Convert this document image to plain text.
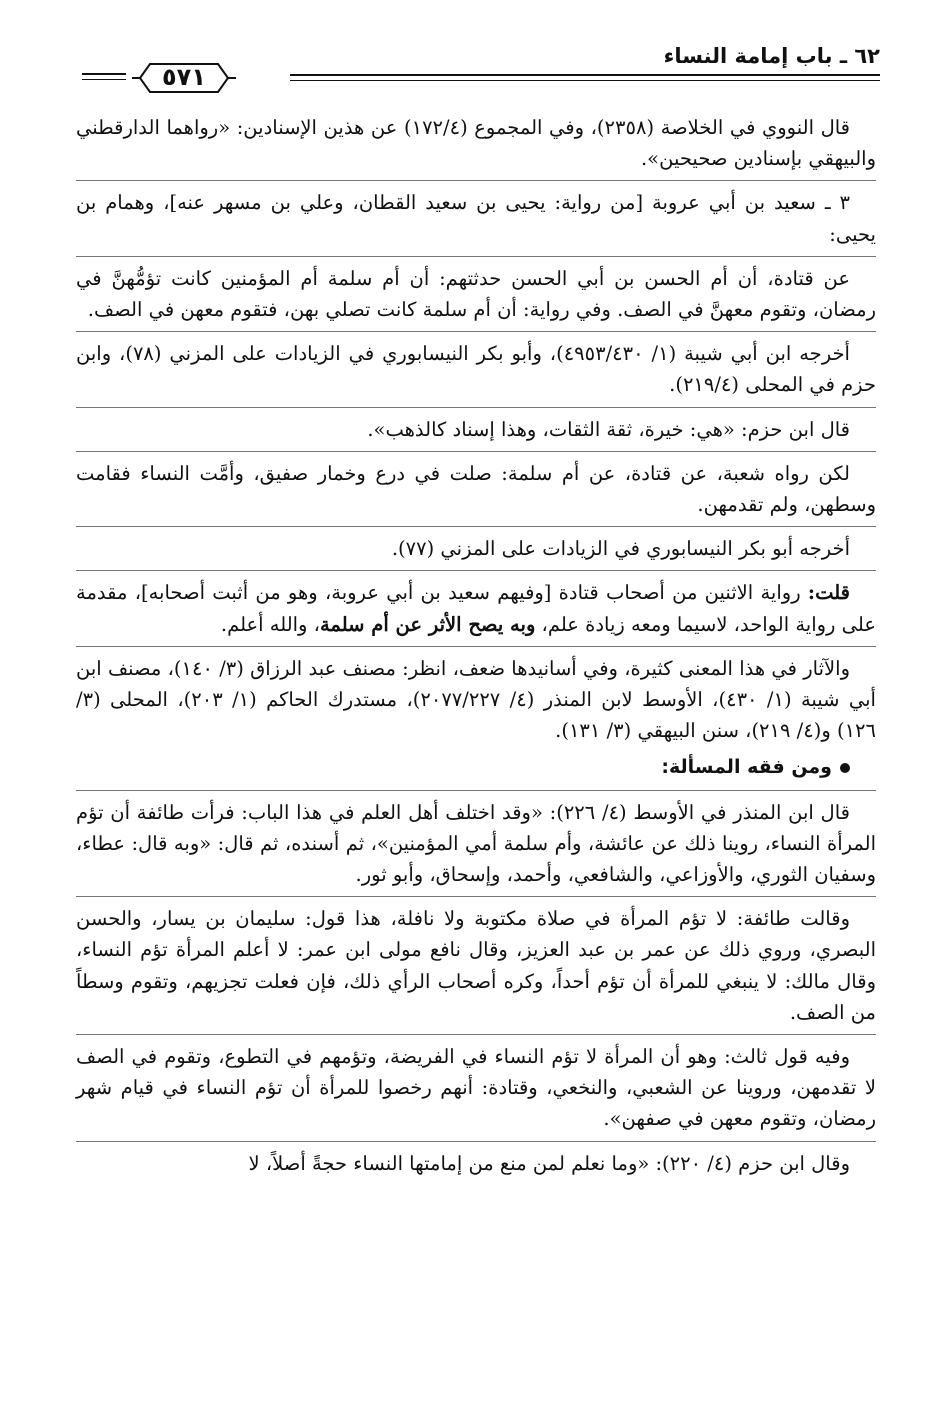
٦٢ ـ باب إمامة النساء
٥٧١

قال النووي في الخلاصة (٢٣٥٨)، وفي المجموع (١٧٢/٤) عن هذين الإسنادين: «رواهما الدارقطني والبيهقي بإسنادين صحيحين».

٣ ـ سعيد بن أبي عروبة [من رواية: يحيى بن سعيد القطان، وعلي بن مسهر عنه]، وهمام بن يحيى:

عن قتادة، أن أم الحسن بن أبي الحسن حدثتهم: أن أم سلمة أم المؤمنين كانت تؤمُّهنَّ في رمضان، وتقوم معهنَّ في الصف. وفي رواية: أن أم سلمة كانت تصلي بهن، فتقوم معهن في الصف.

أخرجه ابن أبي شيبة (١/ ٤٩٥٣/٤٣٠)، وأبو بكر النيسابوري في الزيادات على المزني (٧٨)، وابن حزم في المحلى (٢١٩/٤).

قال ابن حزم: «هي: خيرة، ثقة الثقات، وهذا إسناد كالذهب».

لكن رواه شعبة، عن قتادة، عن أم سلمة: صلت في درع وخمار صفيق، وأمَّت النساء فقامت وسطهن، ولم تقدمهن.

أخرجه أبو بكر النيسابوري في الزيادات على المزني (٧٧).

قلت: رواية الاثنين من أصحاب قتادة [وفيهم سعيد بن أبي عروبة، وهو من أثبت أصحابه]، مقدمة على رواية الواحد، لاسيما ومعه زيادة علم، وبه يصح الأثر عن أم سلمة، والله أعلم.

والآثار في هذا المعنى كثيرة، وفي أسانيدها ضعف، انظر: مصنف عبد الرزاق (٣/ ١٤٠)، مصنف ابن أبي شيبة (١/ ٤٣٠)، الأوسط لابن المنذر (٤/ ٢٠٧٧/٢٢٧)، مستدرك الحاكم (١/ ٢٠٣)، المحلى (٣/ ١٢٦) و(٤/ ٢١٩)، سنن البيهقي (٣/ ١٣١).

ومن فقه المسألة:

قال ابن المنذر في الأوسط (٤/ ٢٢٦): «وقد اختلف أهل العلم في هذا الباب: فرأت طائفة أن تؤم المرأة النساء، روينا ذلك عن عائشة، وأم سلمة أمي المؤمنين»، ثم أسنده، ثم قال: «وبه قال: عطاء، وسفيان الثوري، والأوزاعي، والشافعي، وأحمد، وإسحاق، وأبو ثور.

وقالت طائفة: لا تؤم المرأة في صلاة مكتوبة ولا نافلة، هذا قول: سليمان بن يسار، والحسن البصري، وروي ذلك عن عمر بن عبد العزيز، وقال نافع مولى ابن عمر: لا أعلم المرأة تؤم النساء، وقال مالك: لا ينبغي للمرأة أن تؤم أحداً، وكره أصحاب الرأي ذلك، فإن فعلت تجزيهم، وتقوم وسطاً من الصف.

وفيه قول ثالث: وهو أن المرأة لا تؤم النساء في الفريضة، وتؤمهم في التطوع، وتقوم في الصف لا تقدمهن، وروينا عن الشعبي، والنخعي، وقتادة: أنهم رخصوا للمرأة أن تؤم النساء في قيام شهر رمضان، وتقوم معهن في صفهن».

وقال ابن حزم (٤/ ٢٢٠): «وما نعلم لمن منع من إمامتها النساء حجةً أصلاً، لا
